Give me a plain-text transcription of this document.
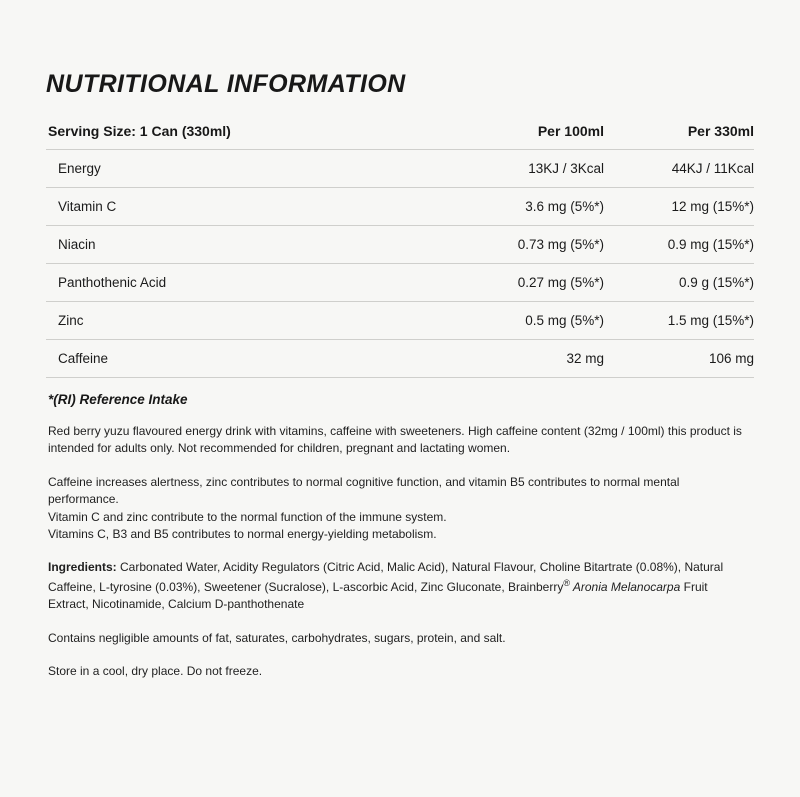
NUTRITIONAL INFORMATION
Serving Size: 1 Can (330ml)	Per 100ml	Per 330ml
Energy	13KJ / 3Kcal	44KJ / 11Kcal
Vitamin C	3.6 mg (5%*)	12 mg (15%*)
Niacin	0.73 mg (5%*)	0.9 mg (15%*)
Panthothenic Acid	0.27 mg (5%*)	0.9 g (15%*)
Zinc	0.5 mg (5%*)	1.5 mg (15%*)
Caffeine	32 mg	106 mg
*(RI) Reference Intake

Red berry yuzu flavoured energy drink with vitamins, caffeine with sweeteners. High caffeine content (32mg / 100ml) this product is intended for adults only. Not recommended for children, pregnant and lactating women.

Caffeine increases alertness, zinc contributes to normal cognitive function, and vitamin B5 contributes to normal mental performance.
Vitamin C and zinc contribute to the normal function of the immune system.
Vitamins C, B3 and B5 contributes to normal energy-yielding metabolism.

Ingredients: Carbonated Water, Acidity Regulators (Citric Acid, Malic Acid), Natural Flavour, Choline Bitartrate (0.08%), Natural Caffeine, L-tyrosine (0.03%), Sweetener (Sucralose), L-ascorbic Acid, Zinc Gluconate, Brainberry® Aronia Melanocarpa Fruit Extract, Nicotinamide, Calcium D-panthothenate

Contains negligible amounts of fat, saturates, carbohydrates, sugars, protein, and salt.

Store in a cool, dry place. Do not freeze.
